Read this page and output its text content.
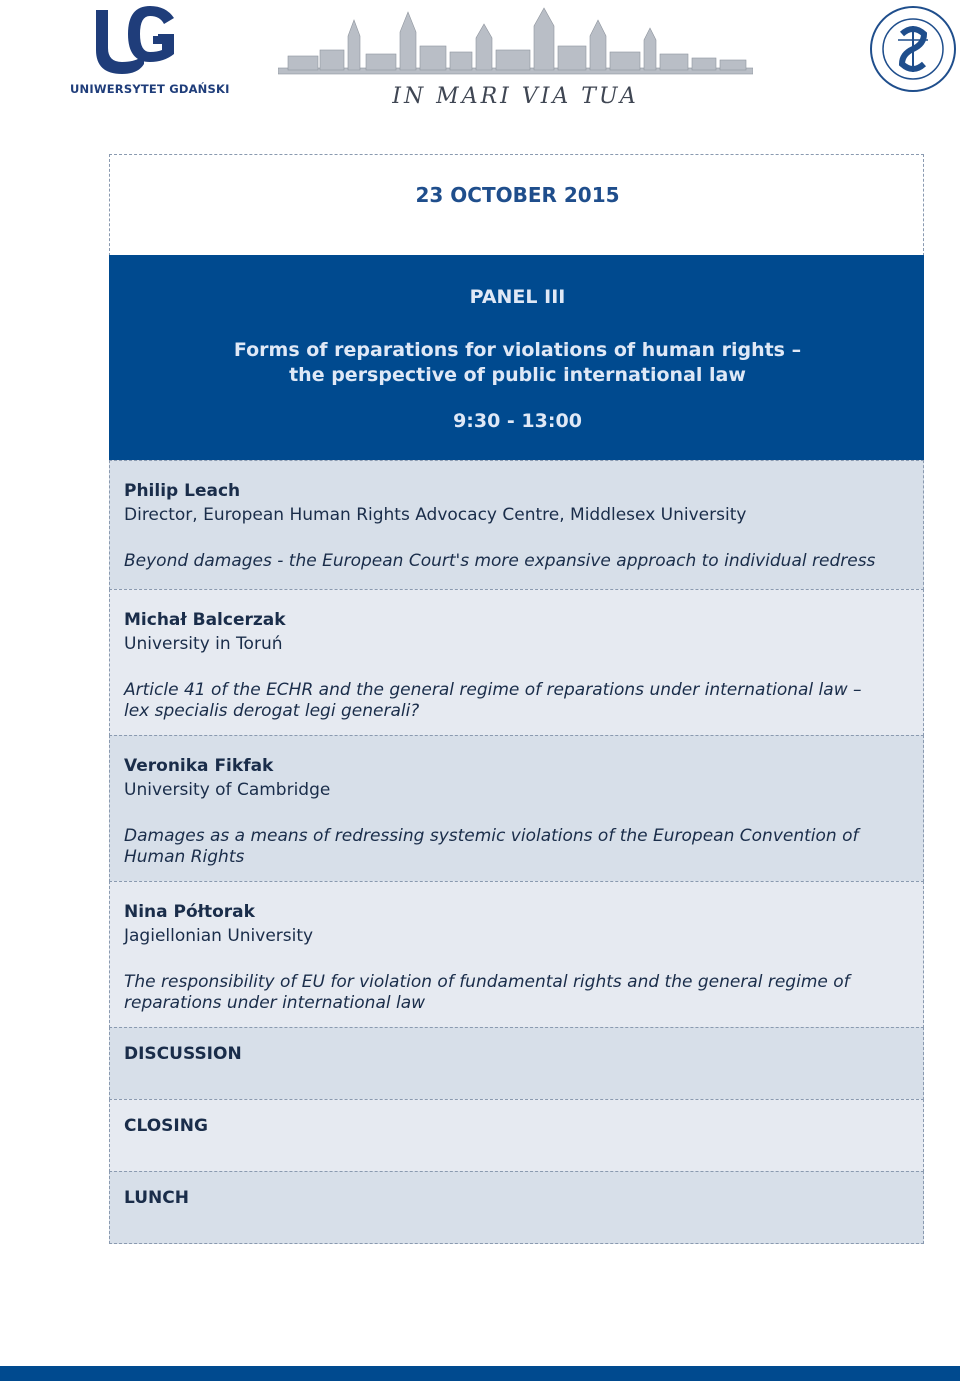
UNIWERSYTET GDAŃSKI	IN MARI VIA TUA
23 OCTOBER 2015
PANEL III
Forms of reparations for violations of human rights –
the perspective of public international law
9:30 - 13:00
Philip Leach
Director, European Human Rights Advocacy Centre, Middlesex University
Beyond damages - the European Court's more expansive approach to individual redress
Michał Balcerzak
University in Toruń
Article 41 of the ECHR and the general regime of reparations under international law –
lex specialis derogat legi generali?
Veronika Fikfak
University of Cambridge
Damages as a means of redressing systemic violations of the European Convention of
Human Rights
Nina Półtorak
Jagiellonian University
The responsibility of EU for violation of fundamental rights and the general regime of
reparations under international law
DISCUSSION
CLOSING
LUNCH
